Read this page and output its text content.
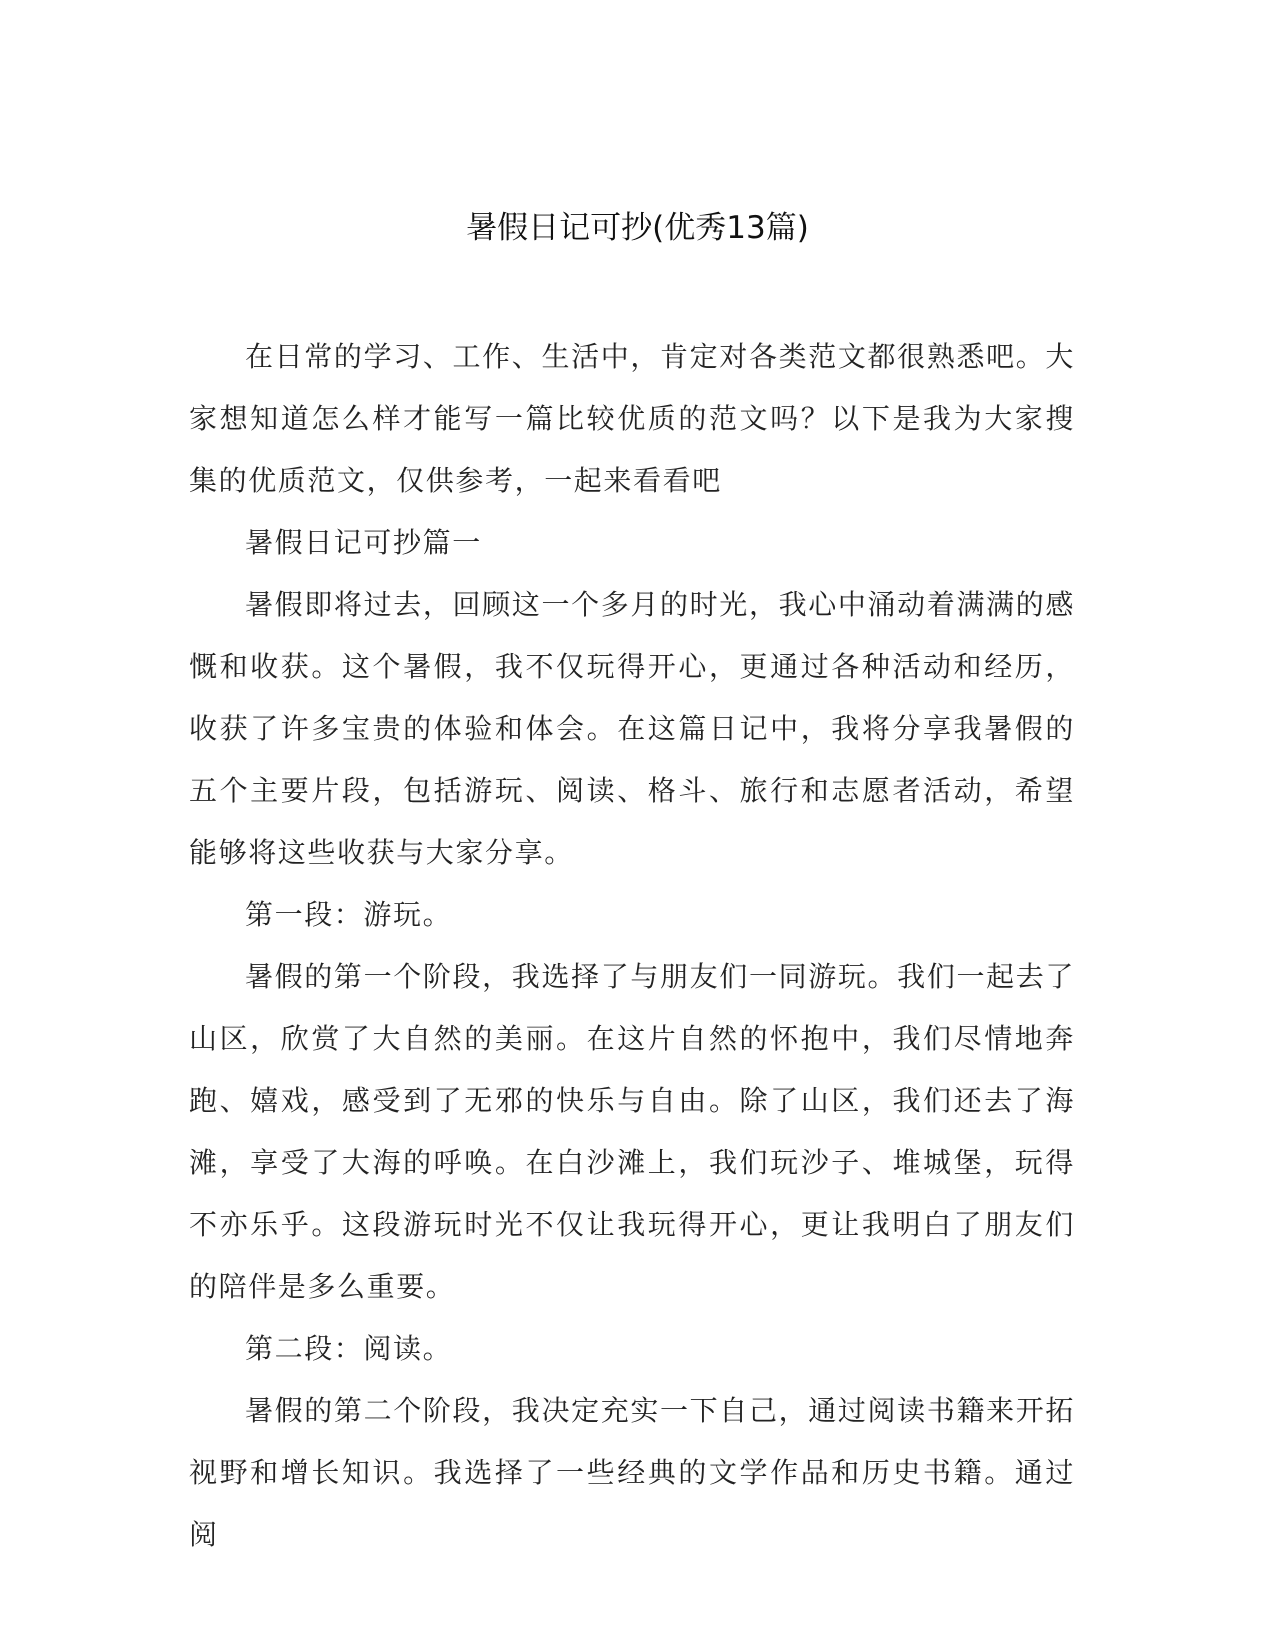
暑假日记可抄(优秀13篇)

在日常的学习、工作、生活中，肯定对各类范文都很熟悉吧。大家想知道怎么样才能写一篇比较优质的范文吗？以下是我为大家搜集的优质范文，仅供参考，一起来看看吧

暑假日记可抄篇一

暑假即将过去，回顾这一个多月的时光，我心中涌动着满满的感慨和收获。这个暑假，我不仅玩得开心，更通过各种活动和经历，收获了许多宝贵的体验和体会。在这篇日记中，我将分享我暑假的五个主要片段，包括游玩、阅读、格斗、旅行和志愿者活动，希望能够将这些收获与大家分享。

第一段：游玩。

暑假的第一个阶段，我选择了与朋友们一同游玩。我们一起去了山区，欣赏了大自然的美丽。在这片自然的怀抱中，我们尽情地奔跑、嬉戏，感受到了无邪的快乐与自由。除了山区，我们还去了海滩，享受了大海的呼唤。在白沙滩上，我们玩沙子、堆城堡，玩得不亦乐乎。这段游玩时光不仅让我玩得开心，更让我明白了朋友们的陪伴是多么重要。

第二段：阅读。

暑假的第二个阶段，我决定充实一下自己，通过阅读书籍来开拓视野和增长知识。我选择了一些经典的文学作品和历史书籍。通过阅
